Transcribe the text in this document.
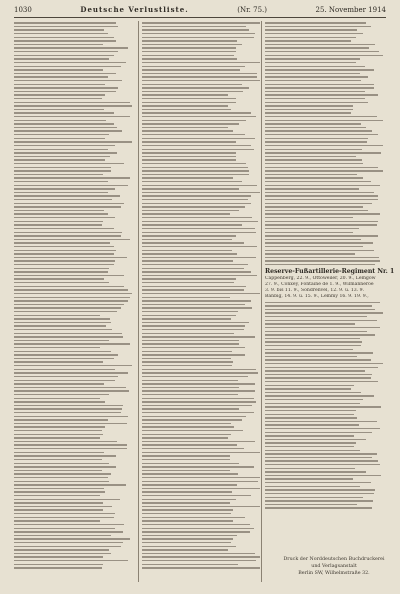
1030	Deutsche Verlustliste.	(Nr. 75.)	25. November 1914
Reserve-Fußartillerie-Regiment Nr. 1
Cappenberg, 22. 9., Ottoweiler, 20. 9., Lemgow
27. 9., Conxey, Fontaine de 1. 9., Wilmanneroe
3. 9. bis 11. 9., Sondrenvel, 12. 9. u. 13. 9.
Banbig, 14. 9. u. 15. 9., Lemmy 16. 9. 19. 9.,
Druck der Norddeutschen Buchdruckerei und Verlagsanstalt
Berlin SW, Wilhelmstraße 32.
